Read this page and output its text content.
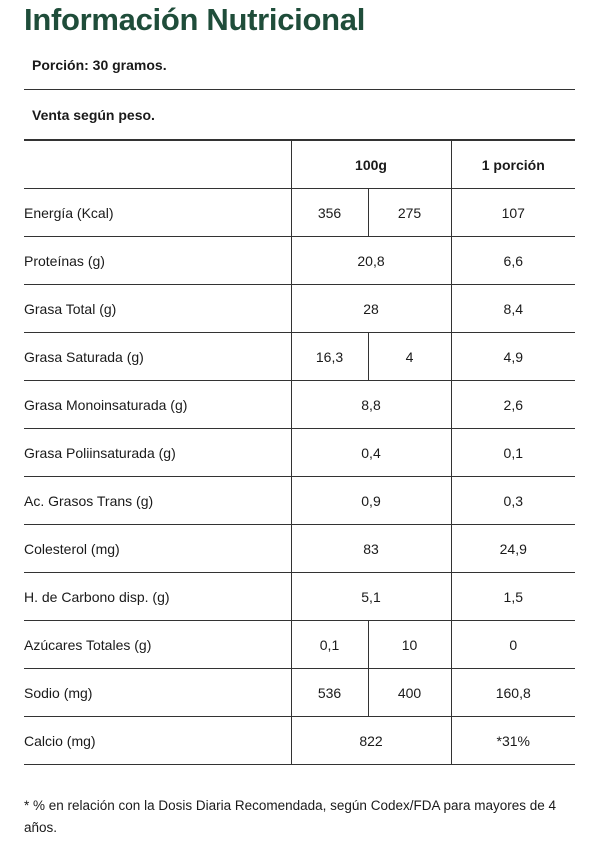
Información Nutricional
Porción: 30 gramos.
Venta según peso.
	100g		1 porción
Energía (Kcal)	356	275	107
Proteínas (g)	20,8		6,6
Grasa Total (g)	28		8,4
Grasa Saturada (g)	16,3	4	4,9
Grasa Monoinsaturada (g)	8,8		2,6
Grasa Poliinsaturada (g)	0,4		0,1
Ac. Grasos Trans (g)	0,9		0,3
Colesterol (mg)	83		24,9
H. de Carbono disp. (g)	5,1		1,5
Azúcares Totales (g)	0,1	10	0
Sodio (mg)	536	400	160,8
Calcio (mg)	822		*31%
* % en relación con la Dosis Diaria Recomendada, según Codex/FDA para mayores de 4 años.
